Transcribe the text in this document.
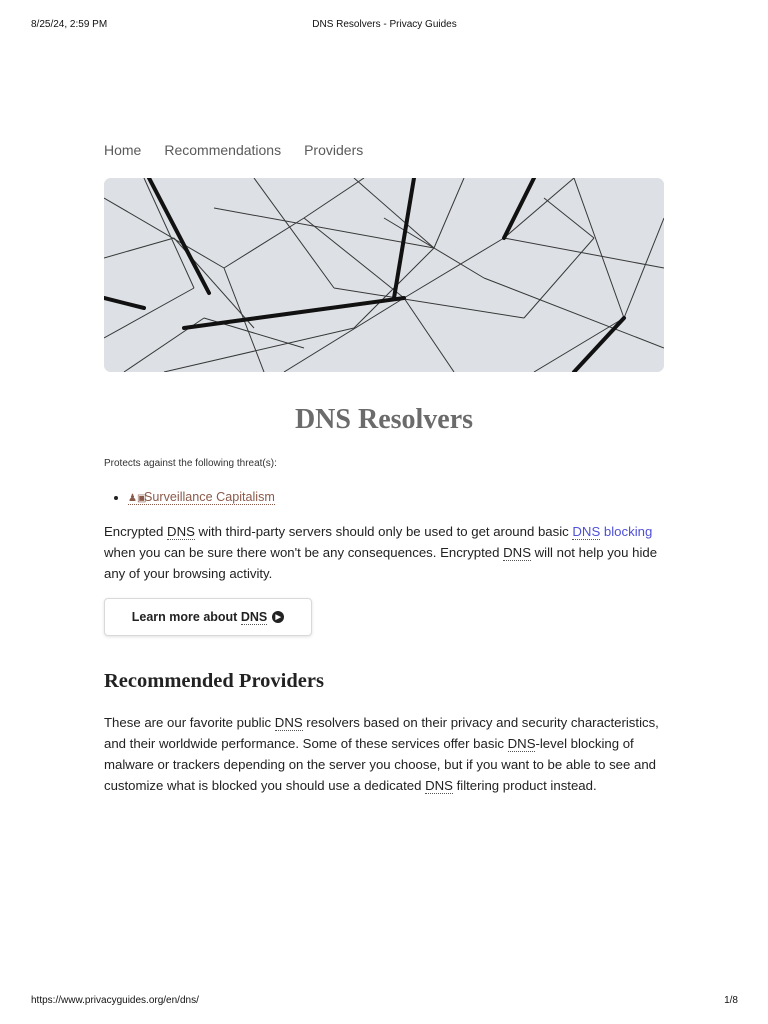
8/25/24, 2:59 PM	DNS Resolvers - Privacy Guides
Home Recommendations Providers
DNS Resolvers
Protects against the following threat(s):
• ♟▣Surveillance Capitalism

Encrypted DNS with third-party servers should only be used to get around basic DNS blocking when you can be sure there won't be any consequences. Encrypted DNS will not help you hide any of your browsing activity.

Learn more about
DNS	▶
Recommended Providers

These are our favorite public DNS resolvers based on their privacy and security characteristics, and their worldwide performance. Some of these services offer basic DNS-level blocking of malware or trackers depending on the server you choose, but if you want to be able to see and customize what is blocked you should use a dedicated DNS filtering product instead.

https://www.privacyguides.org/en/dns/	1/8
